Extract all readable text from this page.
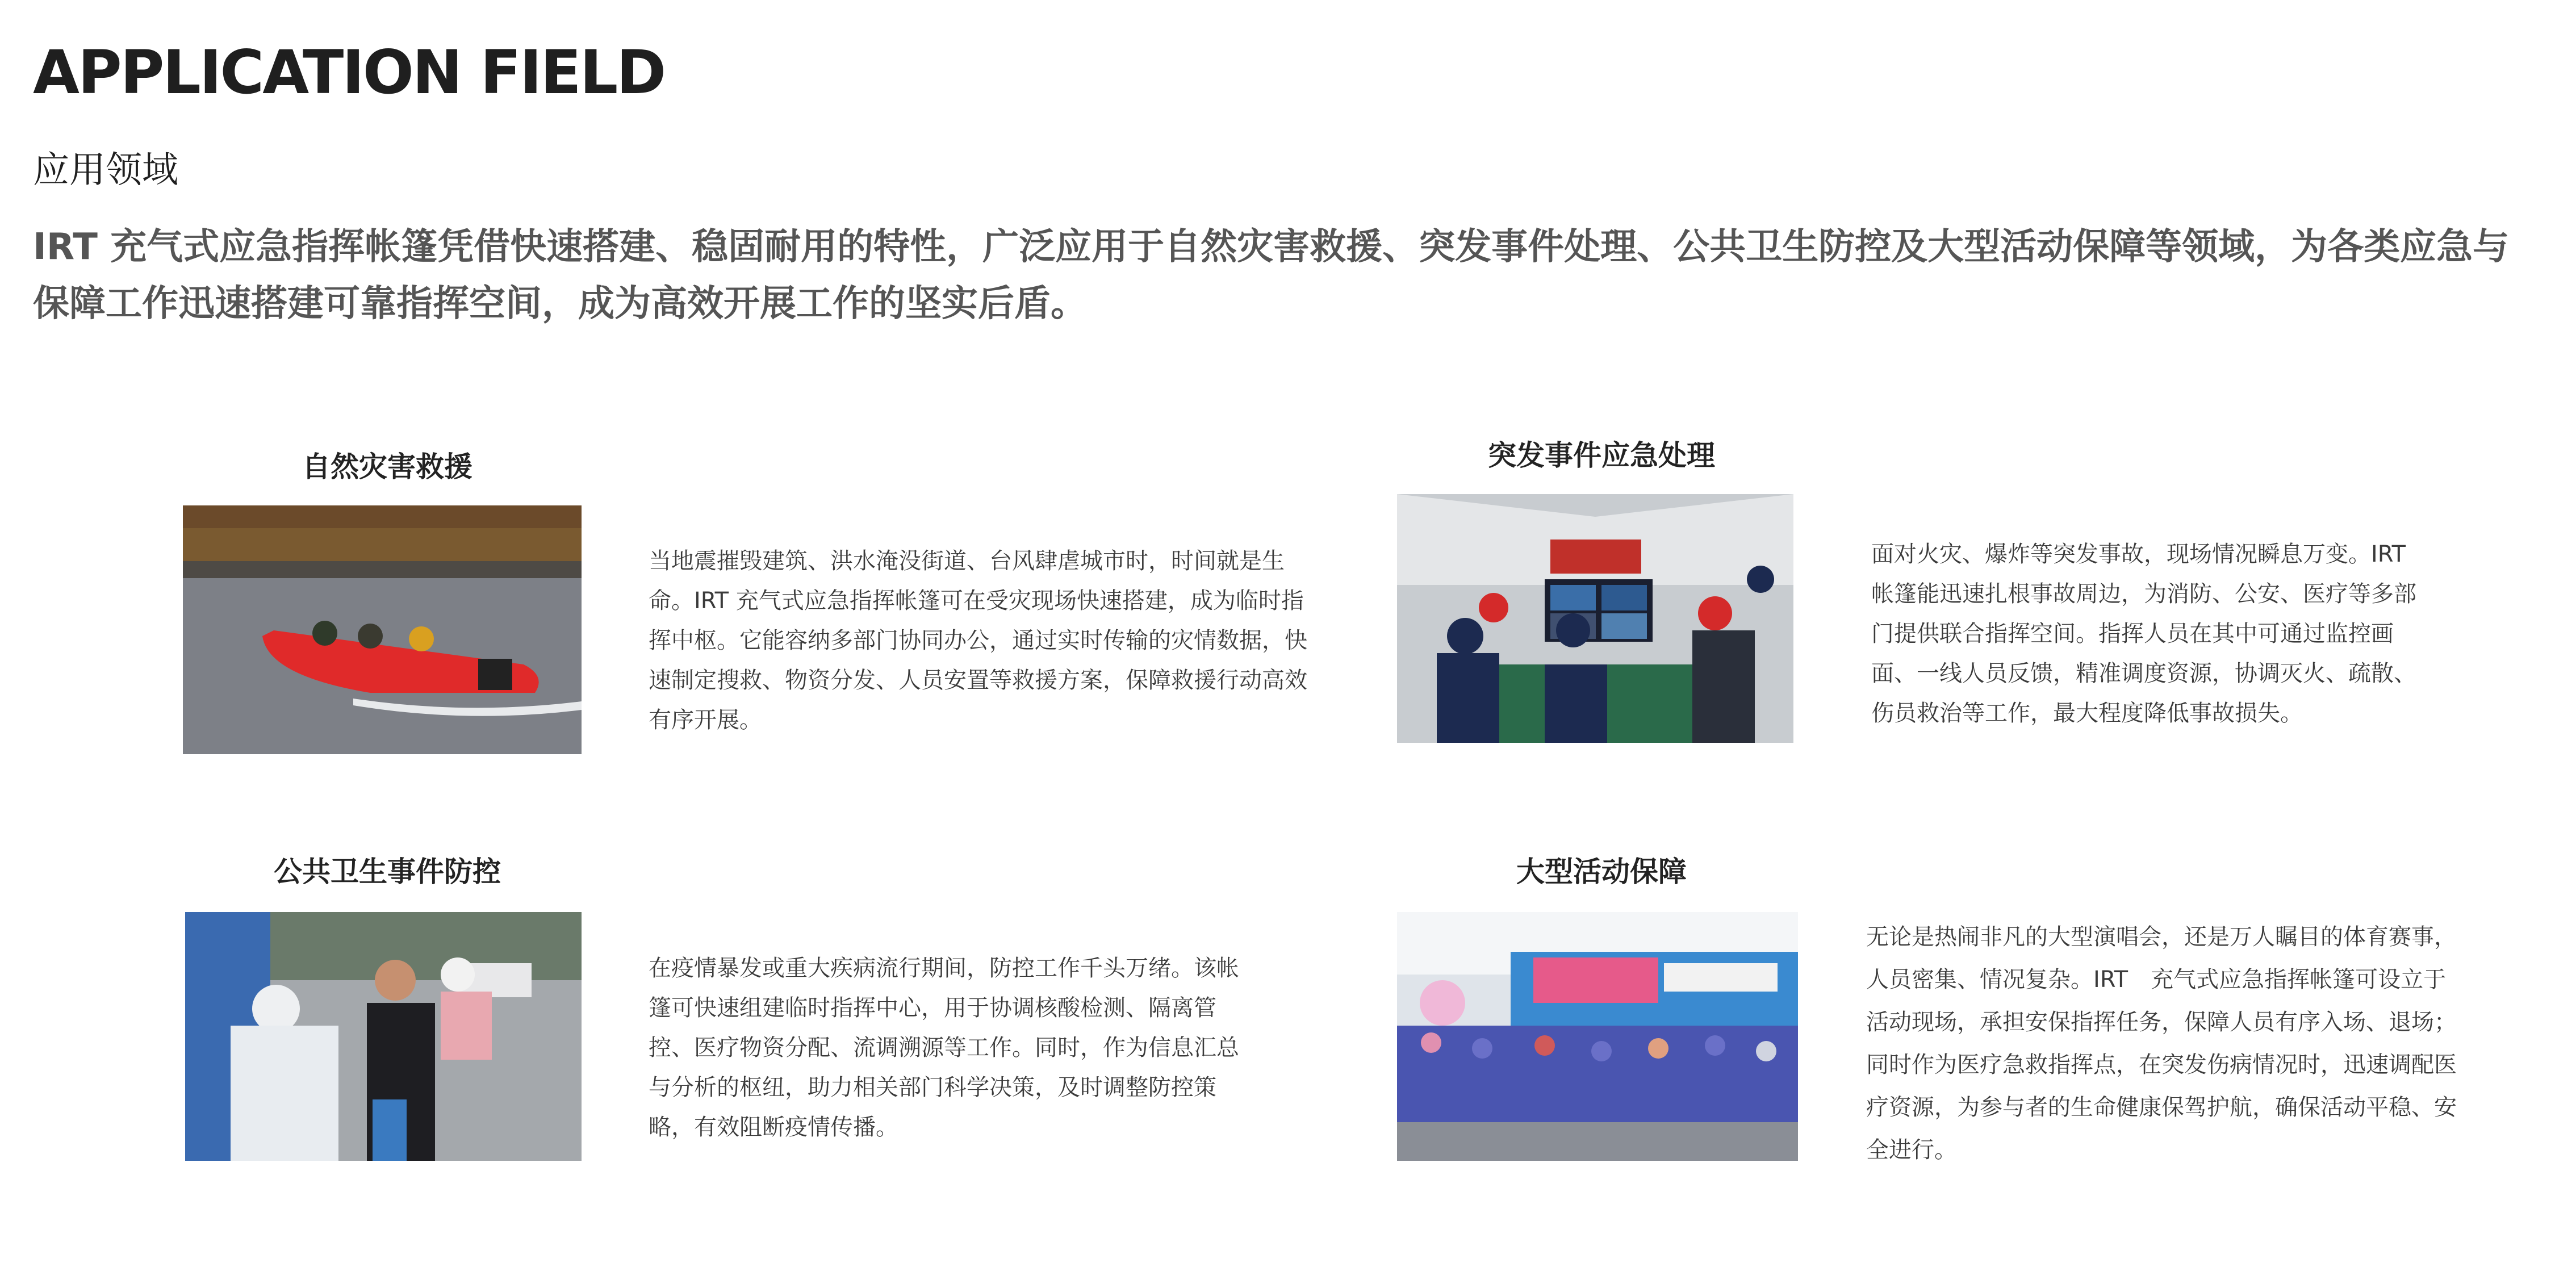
APPLICATION FIELD
应用领域

IRT 充气式应急指挥帐篷凭借快速搭建、稳固耐用的特性，广泛应用于自然灾害救援、突发事件处理、公共卫生防控及大型活动保障等领域，为各类应急与保障工作迅速搭建可靠指挥空间，成为高效开展工作的坚实后盾。

自然灾害救援

当地震摧毁建筑、洪水淹没街道、台风肆虐城市时，时间就是生命。IRT 充气式应急指挥帐篷可在受灾现场快速搭建，成为临时指挥中枢。它能容纳多部门协同办公，通过实时传输的灾情数据，快速制定搜救、物资分发、人员安置等救援方案，保障救援行动高效有序开展。

突发事件应急处理

面对火灾、爆炸等突发事故，现场情况瞬息万变。IRT 帐篷能迅速扎根事故周边，为消防、公安、医疗等多部门提供联合指挥空间。指挥人员在其中可通过监控画面、一线人员反馈，精准调度资源，协调灭火、疏散、伤员救治等工作，最大程度降低事故损失。

公共卫生事件防控

在疫情暴发或重大疾病流行期间，防控工作千头万绪。该帐篷可快速组建临时指挥中心，用于协调核酸检测、隔离管控、医疗物资分配、流调溯源等工作。同时，作为信息汇总与分析的枢纽，助力相关部门科学决策，及时调整防控策略，有效阻断疫情传播。

大型活动保障

无论是热闹非凡的大型演唱会，还是万人瞩目的体育赛事，人员密集、情况复杂。IRT　充气式应急指挥帐篷可设立于活动现场，承担安保指挥任务，保障人员有序入场、退场；同时作为医疗急救指挥点，在突发伤病情况时，迅速调配医疗资源，为参与者的生命健康保驾护航，确保活动平稳、安全进行。
